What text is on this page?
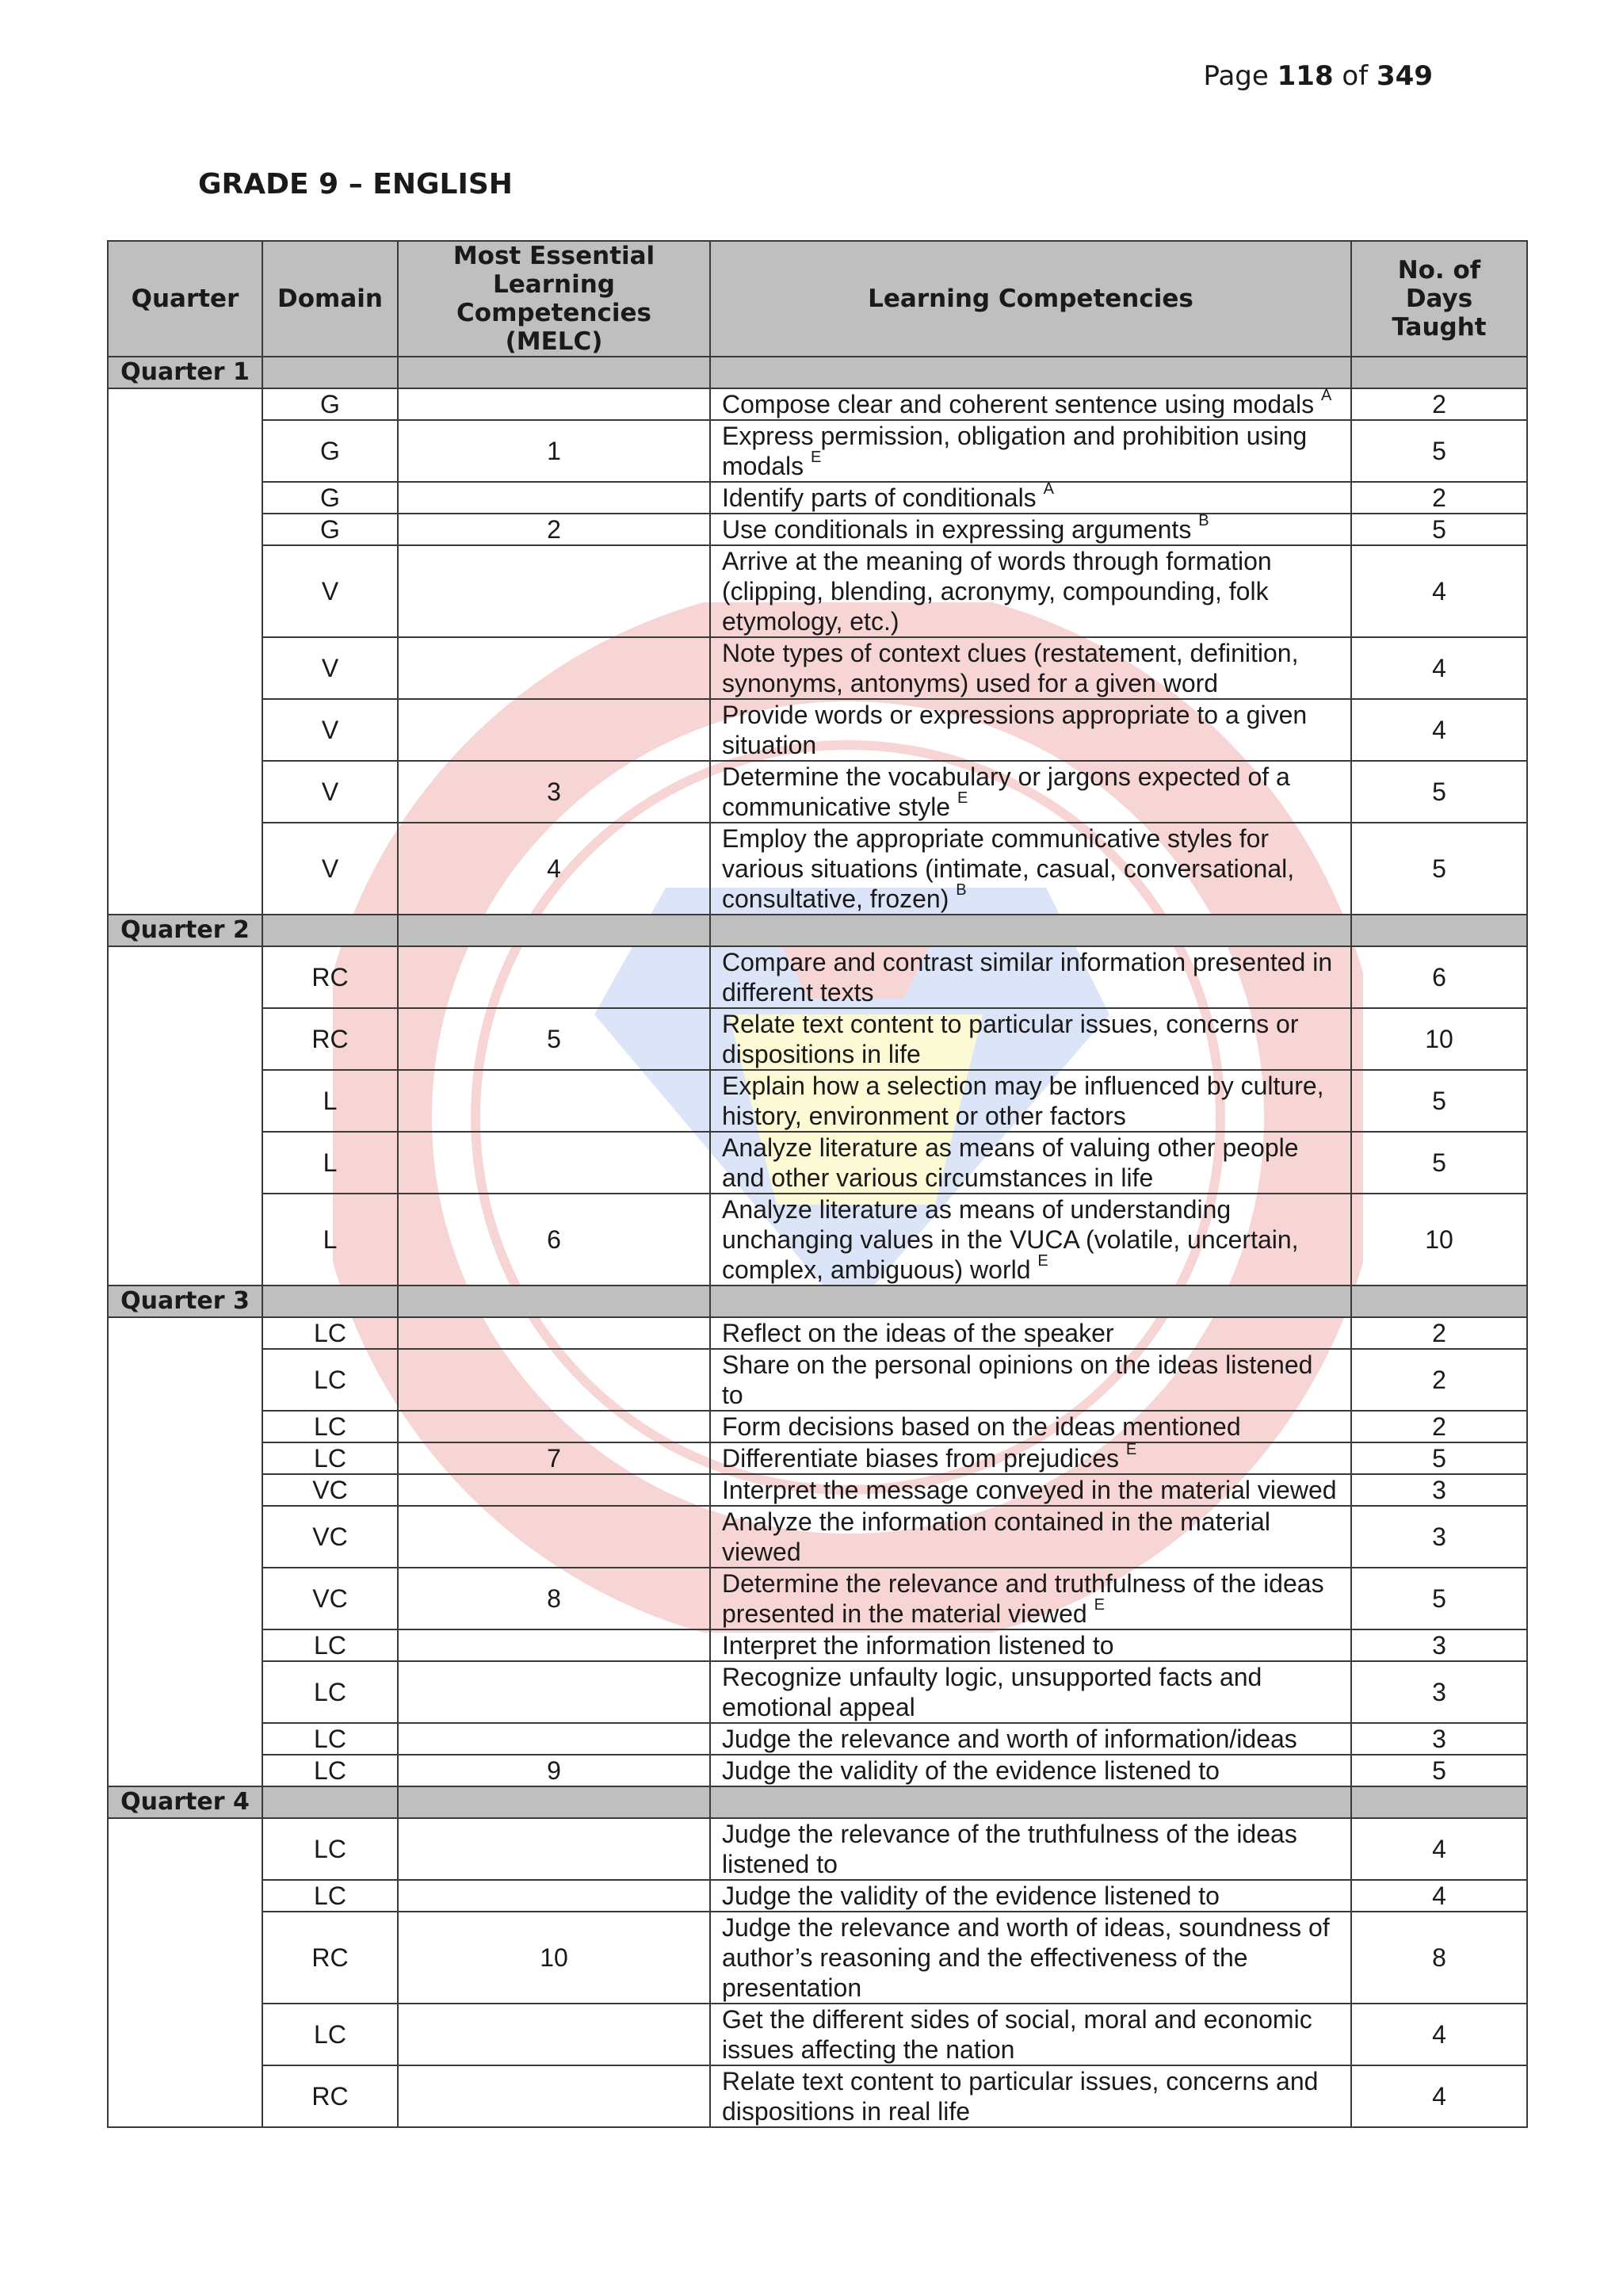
Page 118 of 349
GRADE 9 – ENGLISH
Quarter	Domain	Most Essential Learning Competencies (MELC)	Learning Competencies	No. of Days Taught
Quarter 1				
	G		Compose clear and coherent sentence using modals $^A$	2
	G	1	Express permission, obligation and prohibition using modals $^E$	5
	G		Identify parts of conditionals $^A$	2
	G	2	Use conditionals in expressing arguments $^B$	5
	V		Arrive at the meaning of words through formation (clipping, blending, acronymy, compounding, folk etymology, etc.)	4
	V		Note types of context clues (restatement, definition, synonyms, antonyms) used for a given word	4
	V		Provide words or expressions appropriate to a given situation	4
	V	3	Determine the vocabulary or jargons expected of a communicative style $^E$	5
	V	4	Employ the appropriate communicative styles for various situations (intimate, casual, conversational, consultative, frozen) $^B$	5
Quarter 2				
	RC		Compare and contrast similar information presented in different texts	6
	RC	5	Relate text content to particular issues, concerns or dispositions in life	10
	L		Explain how a selection may be influenced by culture, history, environment or other factors	5
	L		Analyze literature as means of valuing other people and other various circumstances in life	5
	L	6	Analyze literature as means of understanding unchanging values in the VUCA (volatile, uncertain, complex, ambiguous) world $^E$	10
Quarter 3				
	LC		Reflect on the ideas of the speaker	2
	LC		Share on the personal opinions on the ideas listened to	2
	LC		Form decisions based on the ideas mentioned	2
	LC	7	Differentiate biases from prejudices $^E$	5
	VC		Interpret the message conveyed in the material viewed	3
	VC		Analyze the information contained in the material viewed	3
	VC	8	Determine the relevance and truthfulness of the ideas presented in the material viewed $^E$	5
	LC		Interpret the information listened to	3
	LC		Recognize unfaulty logic, unsupported facts and emotional appeal	3
	LC		Judge the relevance and worth of information/ideas	3
	LC	9	Judge the validity of the evidence listened to	5
Quarter 4				
	LC		Judge the relevance of the truthfulness of the ideas listened to	4
	LC		Judge the validity of the evidence listened to	4
	RC	10	Judge the relevance and worth of ideas, soundness of author’s reasoning and the effectiveness of the presentation	8
	LC		Get the different sides of social, moral and economic issues affecting the nation	4
	RC		Relate text content to particular issues, concerns and dispositions in real life	4
